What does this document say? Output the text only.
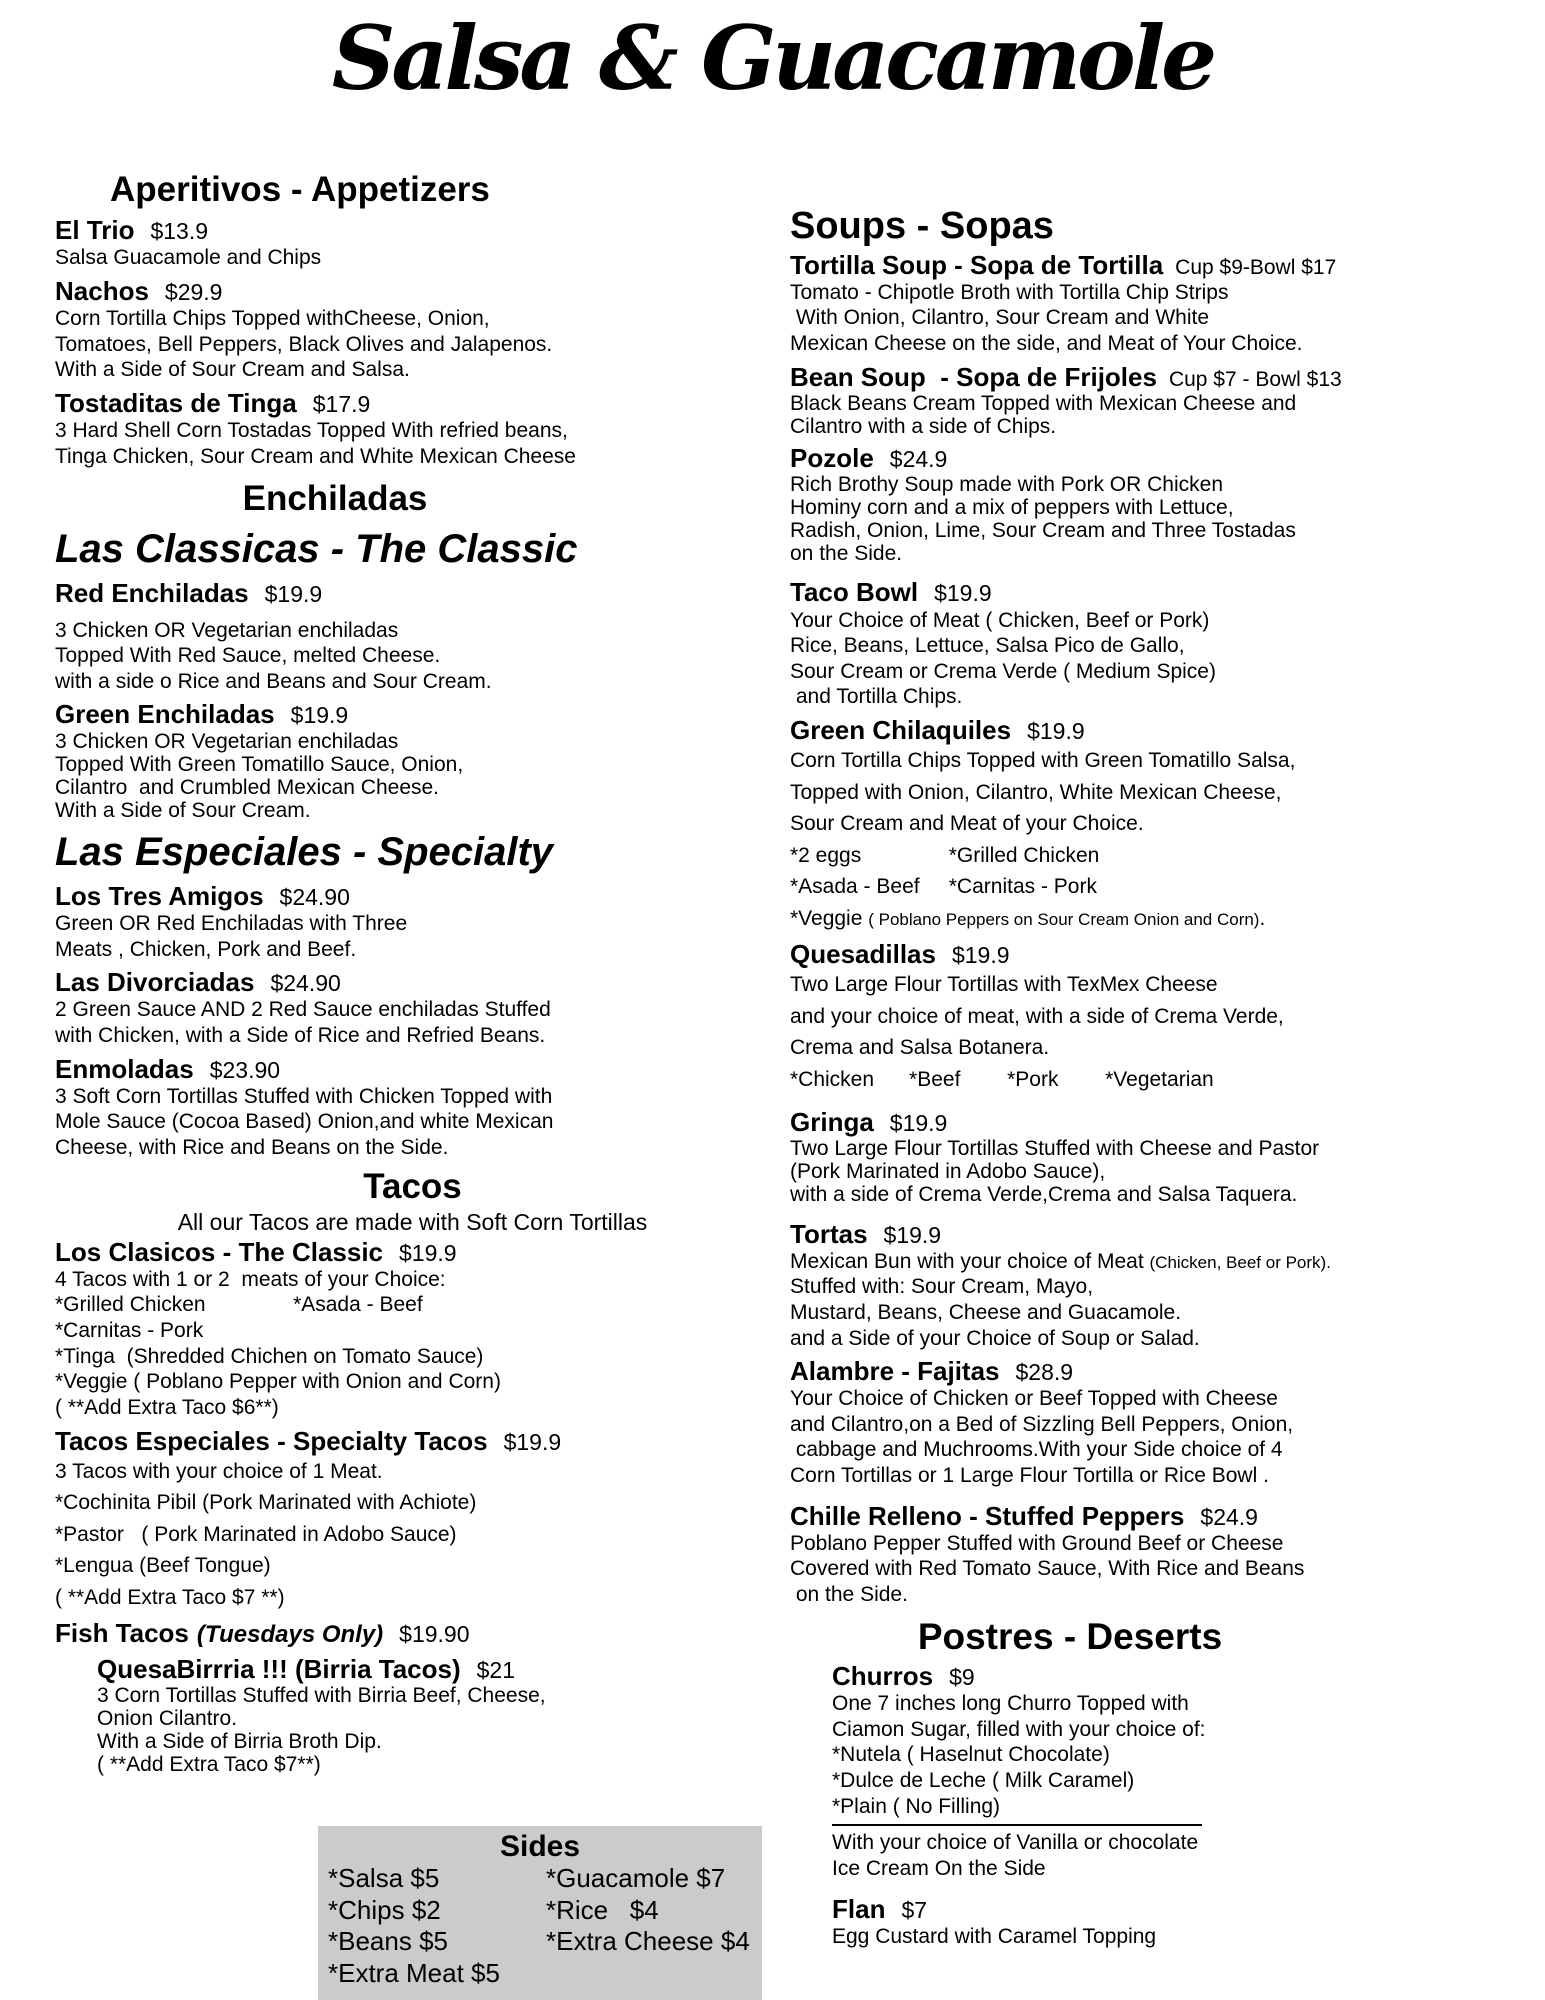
Salsa & Guacamole
Aperitivos - Appetizers
El Trio $13.9
Salsa Guacamole and Chips
Nachos $29.9
Corn Tortilla Chips Topped withCheese, Onion,
Tomatoes, Bell Peppers, Black Olives and Jalapenos.
With a Side of Sour Cream and Salsa.
Tostaditas de Tinga $17.9
3 Hard Shell Corn Tostadas Topped With refried beans,
Tinga Chicken, Sour Cream and White Mexican Cheese
Enchiladas
Las Classicas - The Classic
Red Enchiladas $19.9
3 Chicken OR Vegetarian enchiladas
Topped With Red Sauce, melted Cheese.
with a side o Rice and Beans and Sour Cream.
Green Enchiladas $19.9
3 Chicken OR Vegetarian enchiladas
Topped With Green Tomatillo Sauce, Onion,
Cilantro  and Crumbled Mexican Cheese.
With a Side of Sour Cream.
Las Especiales - Specialty
Los Tres Amigos $24.90
Green OR Red Enchiladas with Three
Meats , Chicken, Pork and Beef.
Las Divorciadas $24.90
2 Green Sauce AND 2 Red Sauce enchiladas Stuffed
with Chicken, with a Side of Rice and Refried Beans.
Enmoladas $23.90
3 Soft Corn Tortillas Stuffed with Chicken Topped with
Mole Sauce (Cocoa Based) Onion,and white Mexican
Cheese, with Rice and Beans on the Side.
Tacos
All our Tacos are made with Soft Corn Tortillas
Los Clasicos - The Classic $19.9
4 Tacos with 1 or 2  meats of your Choice:
*Grilled Chicken               *Asada - Beef
*Carnitas - Pork
*Tinga  (Shredded Chichen on Tomato Sauce)
*Veggie ( Poblano Pepper with Onion and Corn)
( **Add Extra Taco $6**)
Tacos Especiales - Specialty Tacos $19.9
3 Tacos with your choice of 1 Meat.
*Cochinita Pibil (Pork Marinated with Achiote)
*Pastor   ( Pork Marinated in Adobo Sauce)
*Lengua (Beef Tongue)
( **Add Extra Taco $7 **)
Fish Tacos (Tuesdays Only) $19.90
QuesaBirrria !!! (Birria Tacos) $21
3 Corn Tortillas Stuffed with Birria Beef, Cheese,
Onion Cilantro.
With a Side of Birria Broth Dip.
( **Add Extra Taco $7**)
Soups - Sopas
Tortilla Soup - Sopa de Tortilla Cup $9-Bowl $17
Tomato - Chipotle Broth with Tortilla Chip Strips
With Onion, Cilantro, Sour Cream and White
Mexican Cheese on the side, and Meat of Your Choice.
Bean Soup  - Sopa de Frijoles Cup $7 - Bowl $13
Black Beans Cream Topped with Mexican Cheese and
Cilantro with a side of Chips.
Pozole $24.9
Rich Brothy Soup made with Pork OR Chicken
Hominy corn and a mix of peppers with Lettuce,
Radish, Onion, Lime, Sour Cream and Three Tostadas
on the Side.
Taco Bowl $19.9
Your Choice of Meat ( Chicken, Beef or Pork)
Rice, Beans, Lettuce, Salsa Pico de Gallo,
Sour Cream or Crema Verde ( Medium Spice)
and Tortilla Chips.
Green Chilaquiles $19.9
Corn Tortilla Chips Topped with Green Tomatillo Salsa,
Topped with Onion, Cilantro, White Mexican Cheese,
Sour Cream and Meat of your Choice.
*2 eggs               *Grilled Chicken
*Asada - Beef     *Carnitas - Pork
*Veggie ( Poblano Peppers on Sour Cream Onion and Corn).
Quesadillas $19.9
Two Large Flour Tortillas with TexMex Cheese
and your choice of meat, with a side of Crema Verde,
Crema and Salsa Botanera.
*Chicken      *Beef        *Pork        *Vegetarian
Gringa $19.9
Two Large Flour Tortillas Stuffed with Cheese and Pastor
(Pork Marinated in Adobo Sauce),
with a side of Crema Verde,Crema and Salsa Taquera.
Tortas $19.9
Mexican Bun with your choice of Meat (Chicken, Beef or Pork).
Stuffed with: Sour Cream, Mayo,
Mustard, Beans, Cheese and Guacamole.
and a Side of your Choice of Soup or Salad.
Alambre - Fajitas $28.9
Your Choice of Chicken or Beef Topped with Cheese
and Cilantro,on a Bed of Sizzling Bell Peppers, Onion,
cabbage and Muchrooms.With your Side choice of 4
Corn Tortillas or 1 Large Flour Tortilla or Rice Bowl .
Chille Relleno - Stuffed Peppers $24.9
Poblano Pepper Stuffed with Ground Beef or Cheese
Covered with Red Tomato Sauce, With Rice and Beans
on the Side.
Postres - Deserts
Churros $9
One 7 inches long Churro Topped with
Ciamon Sugar, filled with your choice of:
*Nutela ( Haselnut Chocolate)
*Dulce de Leche ( Milk Caramel)
*Plain ( No Filling)
With your choice of Vanilla or chocolate
Ice Cream On the Side
Flan $7
Egg Custard with Caramel Topping
Sides
*Salsa $5	*Guacamole $7
*Chips $2	*Rice   $4
*Beans $5	*Extra Cheese $4
*Extra Meat $5
